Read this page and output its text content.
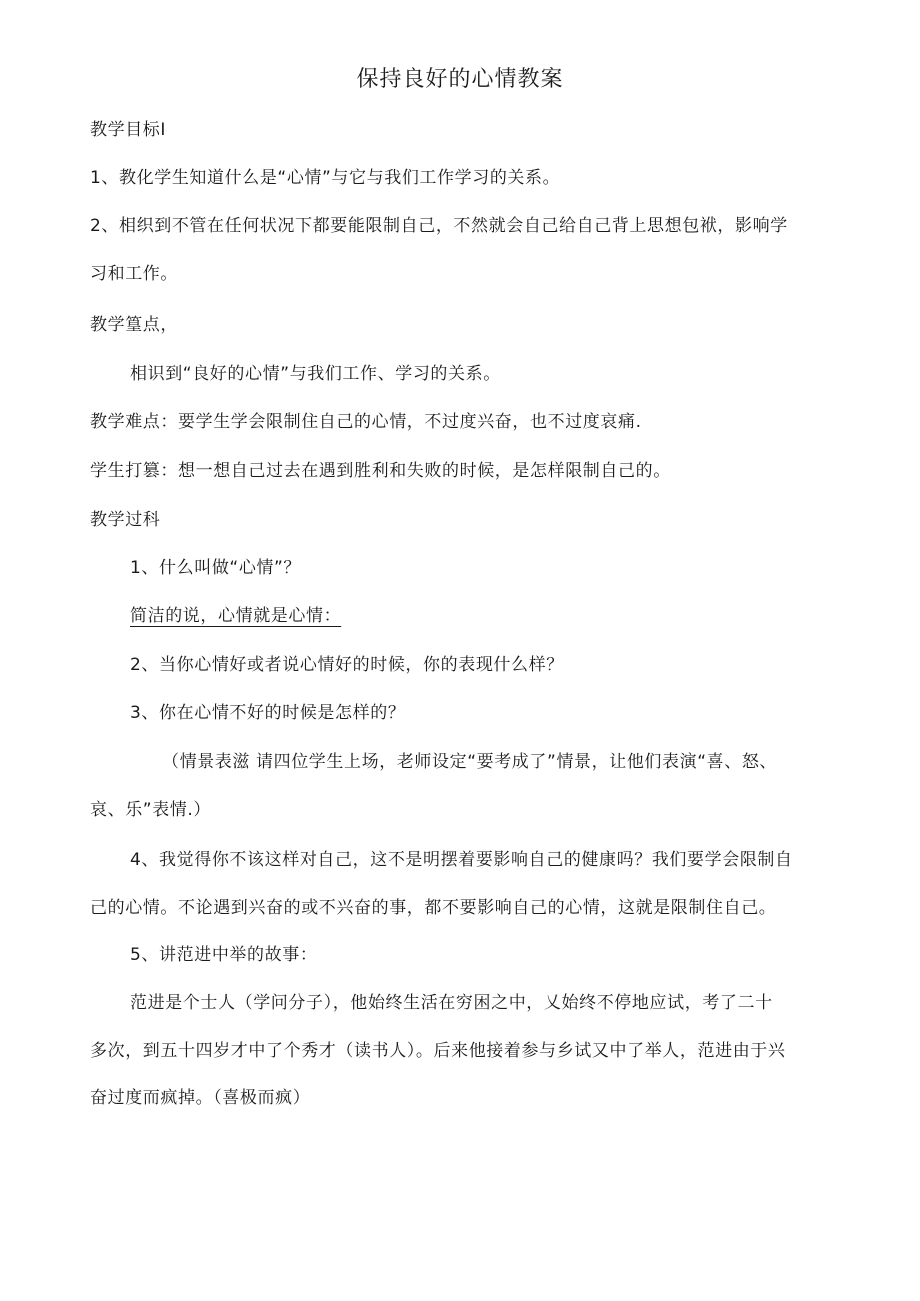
保持良好的心情教案
教学目标I
1、教化学生知道什么是“心情”与它与我们工作学习的关系。
2、相织到不管在任何状况下都要能限制自己，不然就会自己给自己背上思想包袱，影响学
习和工作。
教学篁点，
相识到“良好的心情”与我们工作、学习的关系。
教学难点：要学生学会限制住自己的心情，不过度兴奋，也不过度哀痛.
学生打篡：想一想自己过去在遇到胜利和失败的时候，是怎样限制自己的。
教学过科
1、什么叫做“心情”？
简洁的说，心情就是心情：
2、当你心情好或者说心情好的时候，你的表现什么样？
3、你在心情不好的时候是怎样的？
（情景表滋 请四位学生上场，老师设定“要考成了”情景，让他们表演“喜、怒、
哀、乐”表情.）
4、我觉得你不该这样对自己，这不是明摆着要影响自己的健康吗？我们要学会限制自
己的心情。不论遇到兴奋的或不兴奋的事，都不要影响自己的心情，这就是限制住自己。
5、讲范进中举的故事：
范进是个士人（学问分子），他始终生活在穷困之中，乂始终不停地应试，考了二十
多次，到五十四岁才中了个秀才（读书人）。后来他接着参与乡试又中了举人，范进由于兴
奋过度而疯掉。（喜极而疯）
